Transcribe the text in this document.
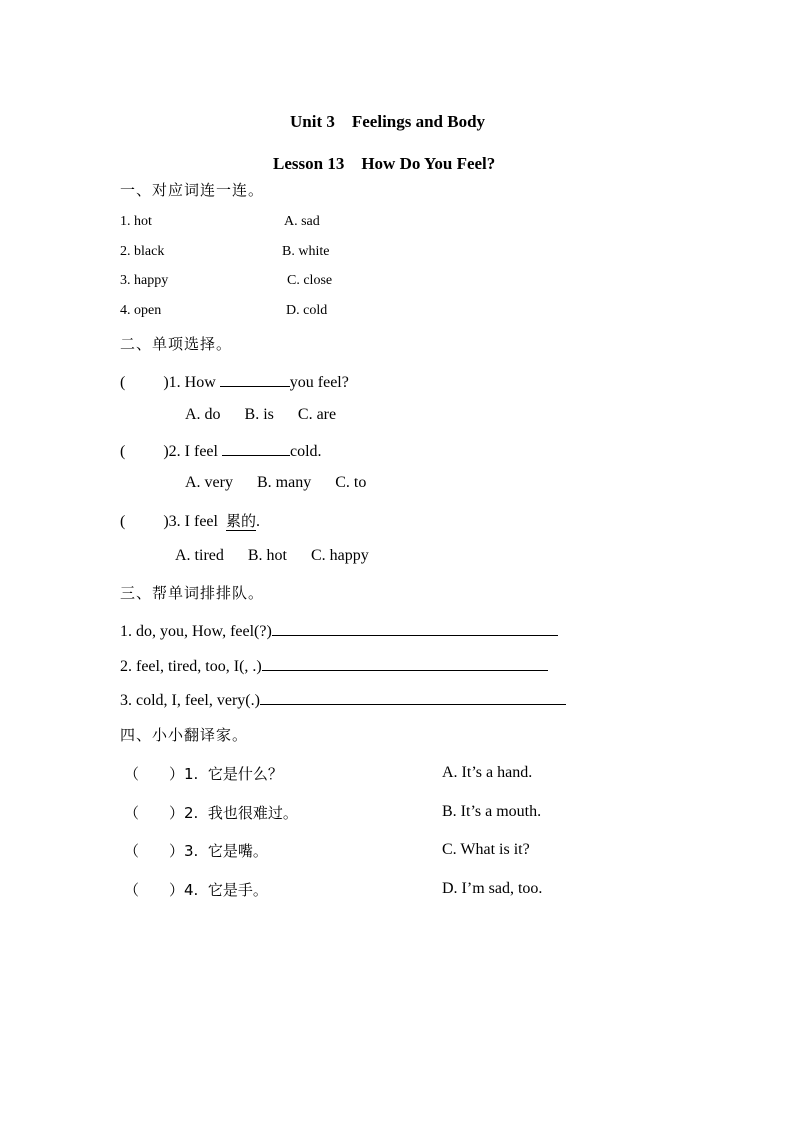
Unit 3　Feelings and Body
Lesson 13　How Do You Feel?
一、对应词连一连。
1. hot	A. sad
2. black	B. white
3. happy	C. close
4. open	D. cold
二、单项选择。
( )1. How	you feel?
A. do      B. is      C. are
( )2. I feel	cold.
A. very      B. many      C. to
( )3. I feel 累的.
A. tired      B. hot      C. happy
三、帮单词排排队。
1. do, you, How, feel(?)
2. feel, tired, too, I(, .)
3. cold, I, feel, very(.)
四、小小翻译家。
（　　）1. 它是什么？	A. It’s a hand.
（　　）2. 我也很难过。	B. It’s a mouth.
（　　）3. 它是嘴。	C. What is it?
（　　）4. 它是手。	D. I’m sad, too.
